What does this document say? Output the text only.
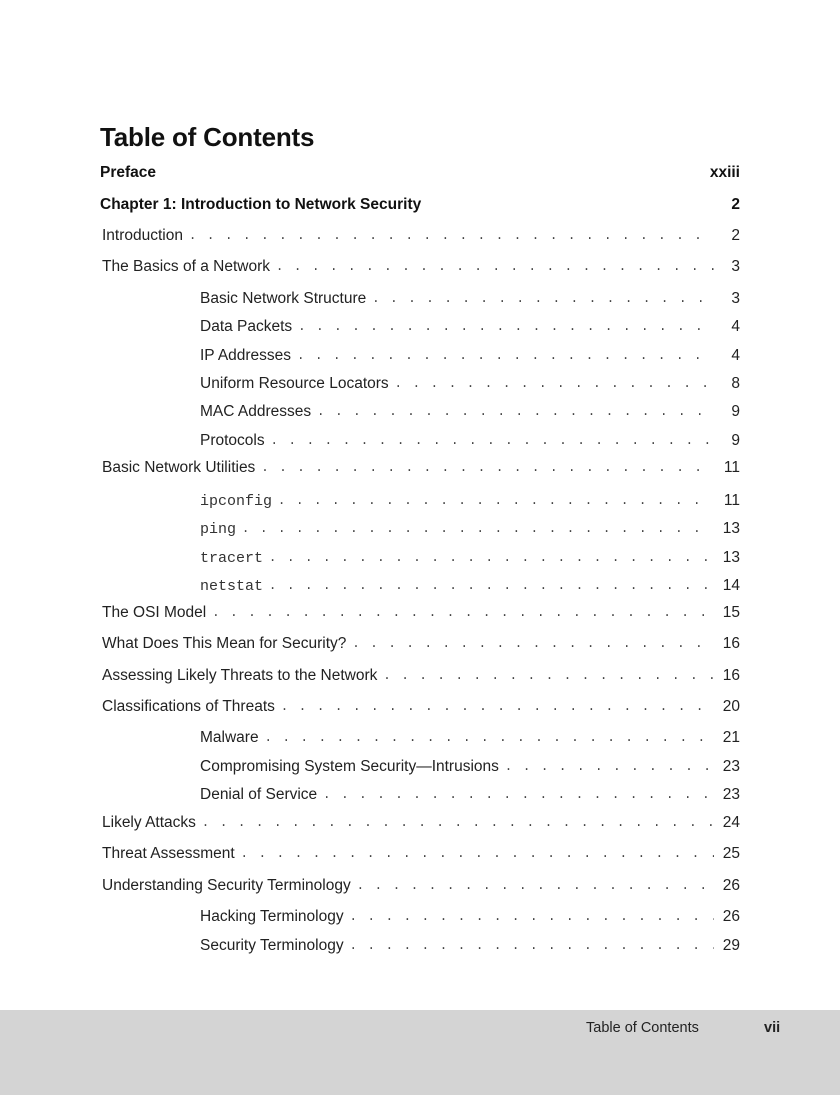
Table of Contents
Preface	xxiii
Chapter 1: Introduction to Network Security	2
Introduction . . .	2
The Basics of a Network . . .	3
Basic Network Structure . . .	3
Data Packets . . .	4
IP Addresses . . .	4
Uniform Resource Locators . . .	8
MAC Addresses . . .	9
Protocols . . .	9
Basic Network Utilities . . .	11
ipconfig . . .	11
ping . . .	13
tracert . . .	13
netstat . . .	14
The OSI Model . . .	15
What Does This Mean for Security? . . .	16
Assessing Likely Threats to the Network . . .	16
Classifications of Threats . . .	20
Malware . . .	21
Compromising System Security—Intrusions . . .	23
Denial of Service . . .	23
Likely Attacks . . .	24
Threat Assessment . . .	25
Understanding Security Terminology . . .	26
Hacking Terminology . . .	26
Security Terminology . . .	29
Table of Contents	vii
